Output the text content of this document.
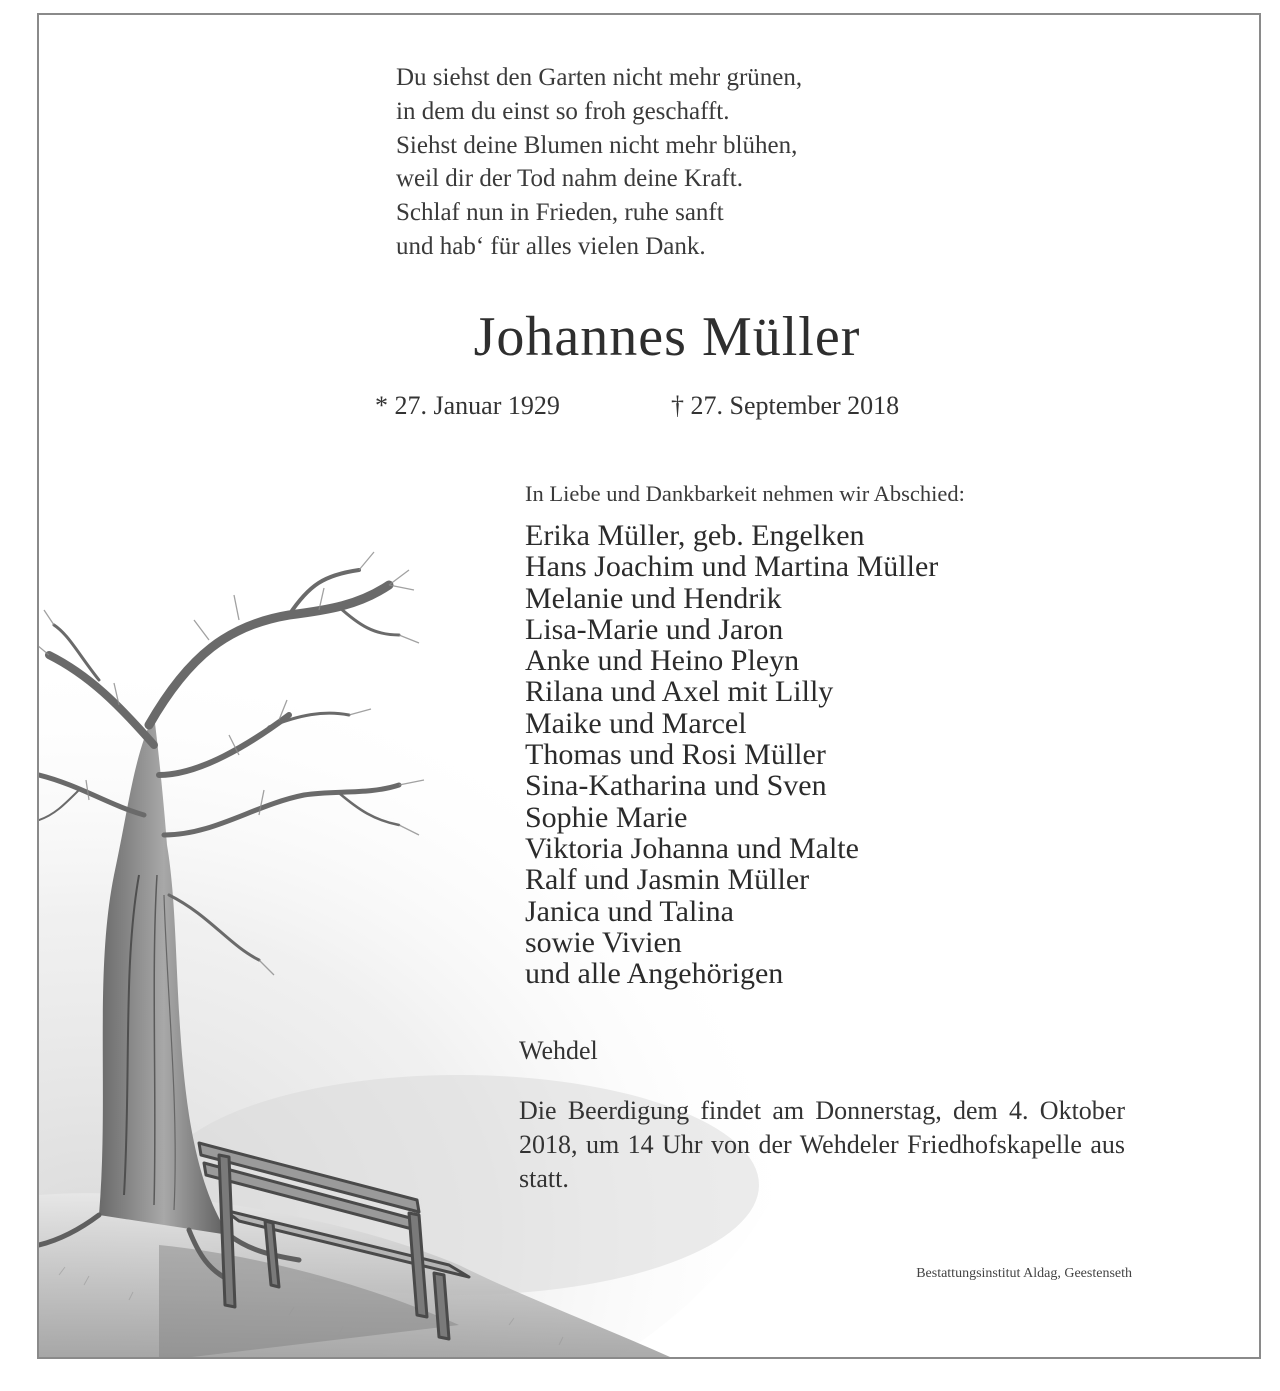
Du siehst den Garten nicht mehr grünen,
in dem du einst so froh geschafft.
Siehst deine Blumen nicht mehr blühen,
weil dir der Tod nahm deine Kraft.
Schlaf nun in Frieden, ruhe sanft
und hab‘ für alles vielen Dank.
Johannes Müller
* 27. Januar 1929	† 27. September 2018
In Liebe und Dankbarkeit nehmen wir Abschied:
Erika Müller, geb. Engelken
Hans Joachim und Martina Müller
Melanie und Hendrik
Lisa-Marie und Jaron
Anke und Heino Pleyn
Rilana und Axel mit Lilly
Maike und Marcel
Thomas und Rosi Müller
Sina-Katharina und Sven
Sophie Marie
Viktoria Johanna und Malte
Ralf und Jasmin Müller
Janica und Talina
sowie Vivien
und alle Angehörigen
Wehdel
Die Beerdigung findet am Donnerstag, dem 4. Oktober 2018, um 14 Uhr von der Wehdeler Friedhofskapelle aus statt.
Bestattungsinstitut Aldag, Geestenseth
